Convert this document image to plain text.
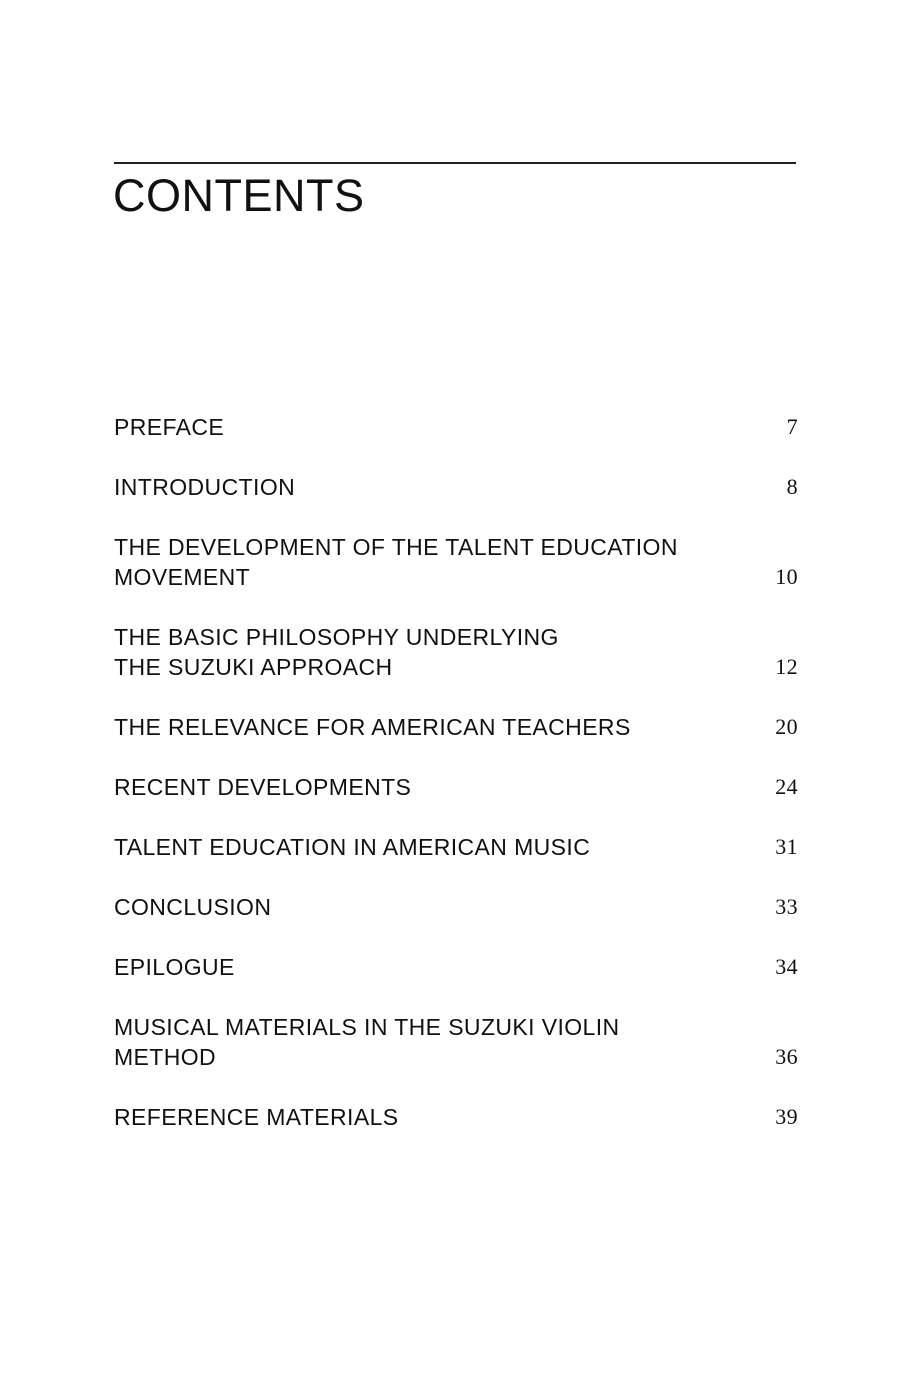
CONTENTS
PREFACE	7
INTRODUCTION	8
THE DEVELOPMENT OF THE TALENT EDUCATION
MOVEMENT	10
THE BASIC PHILOSOPHY UNDERLYING
THE SUZUKI APPROACH	12
THE RELEVANCE FOR AMERICAN TEACHERS	20
RECENT DEVELOPMENTS	24
TALENT EDUCATION IN AMERICAN MUSIC	31
CONCLUSION	33
EPILOGUE	34
MUSICAL MATERIALS IN THE SUZUKI VIOLIN
METHOD	36
REFERENCE MATERIALS	39
